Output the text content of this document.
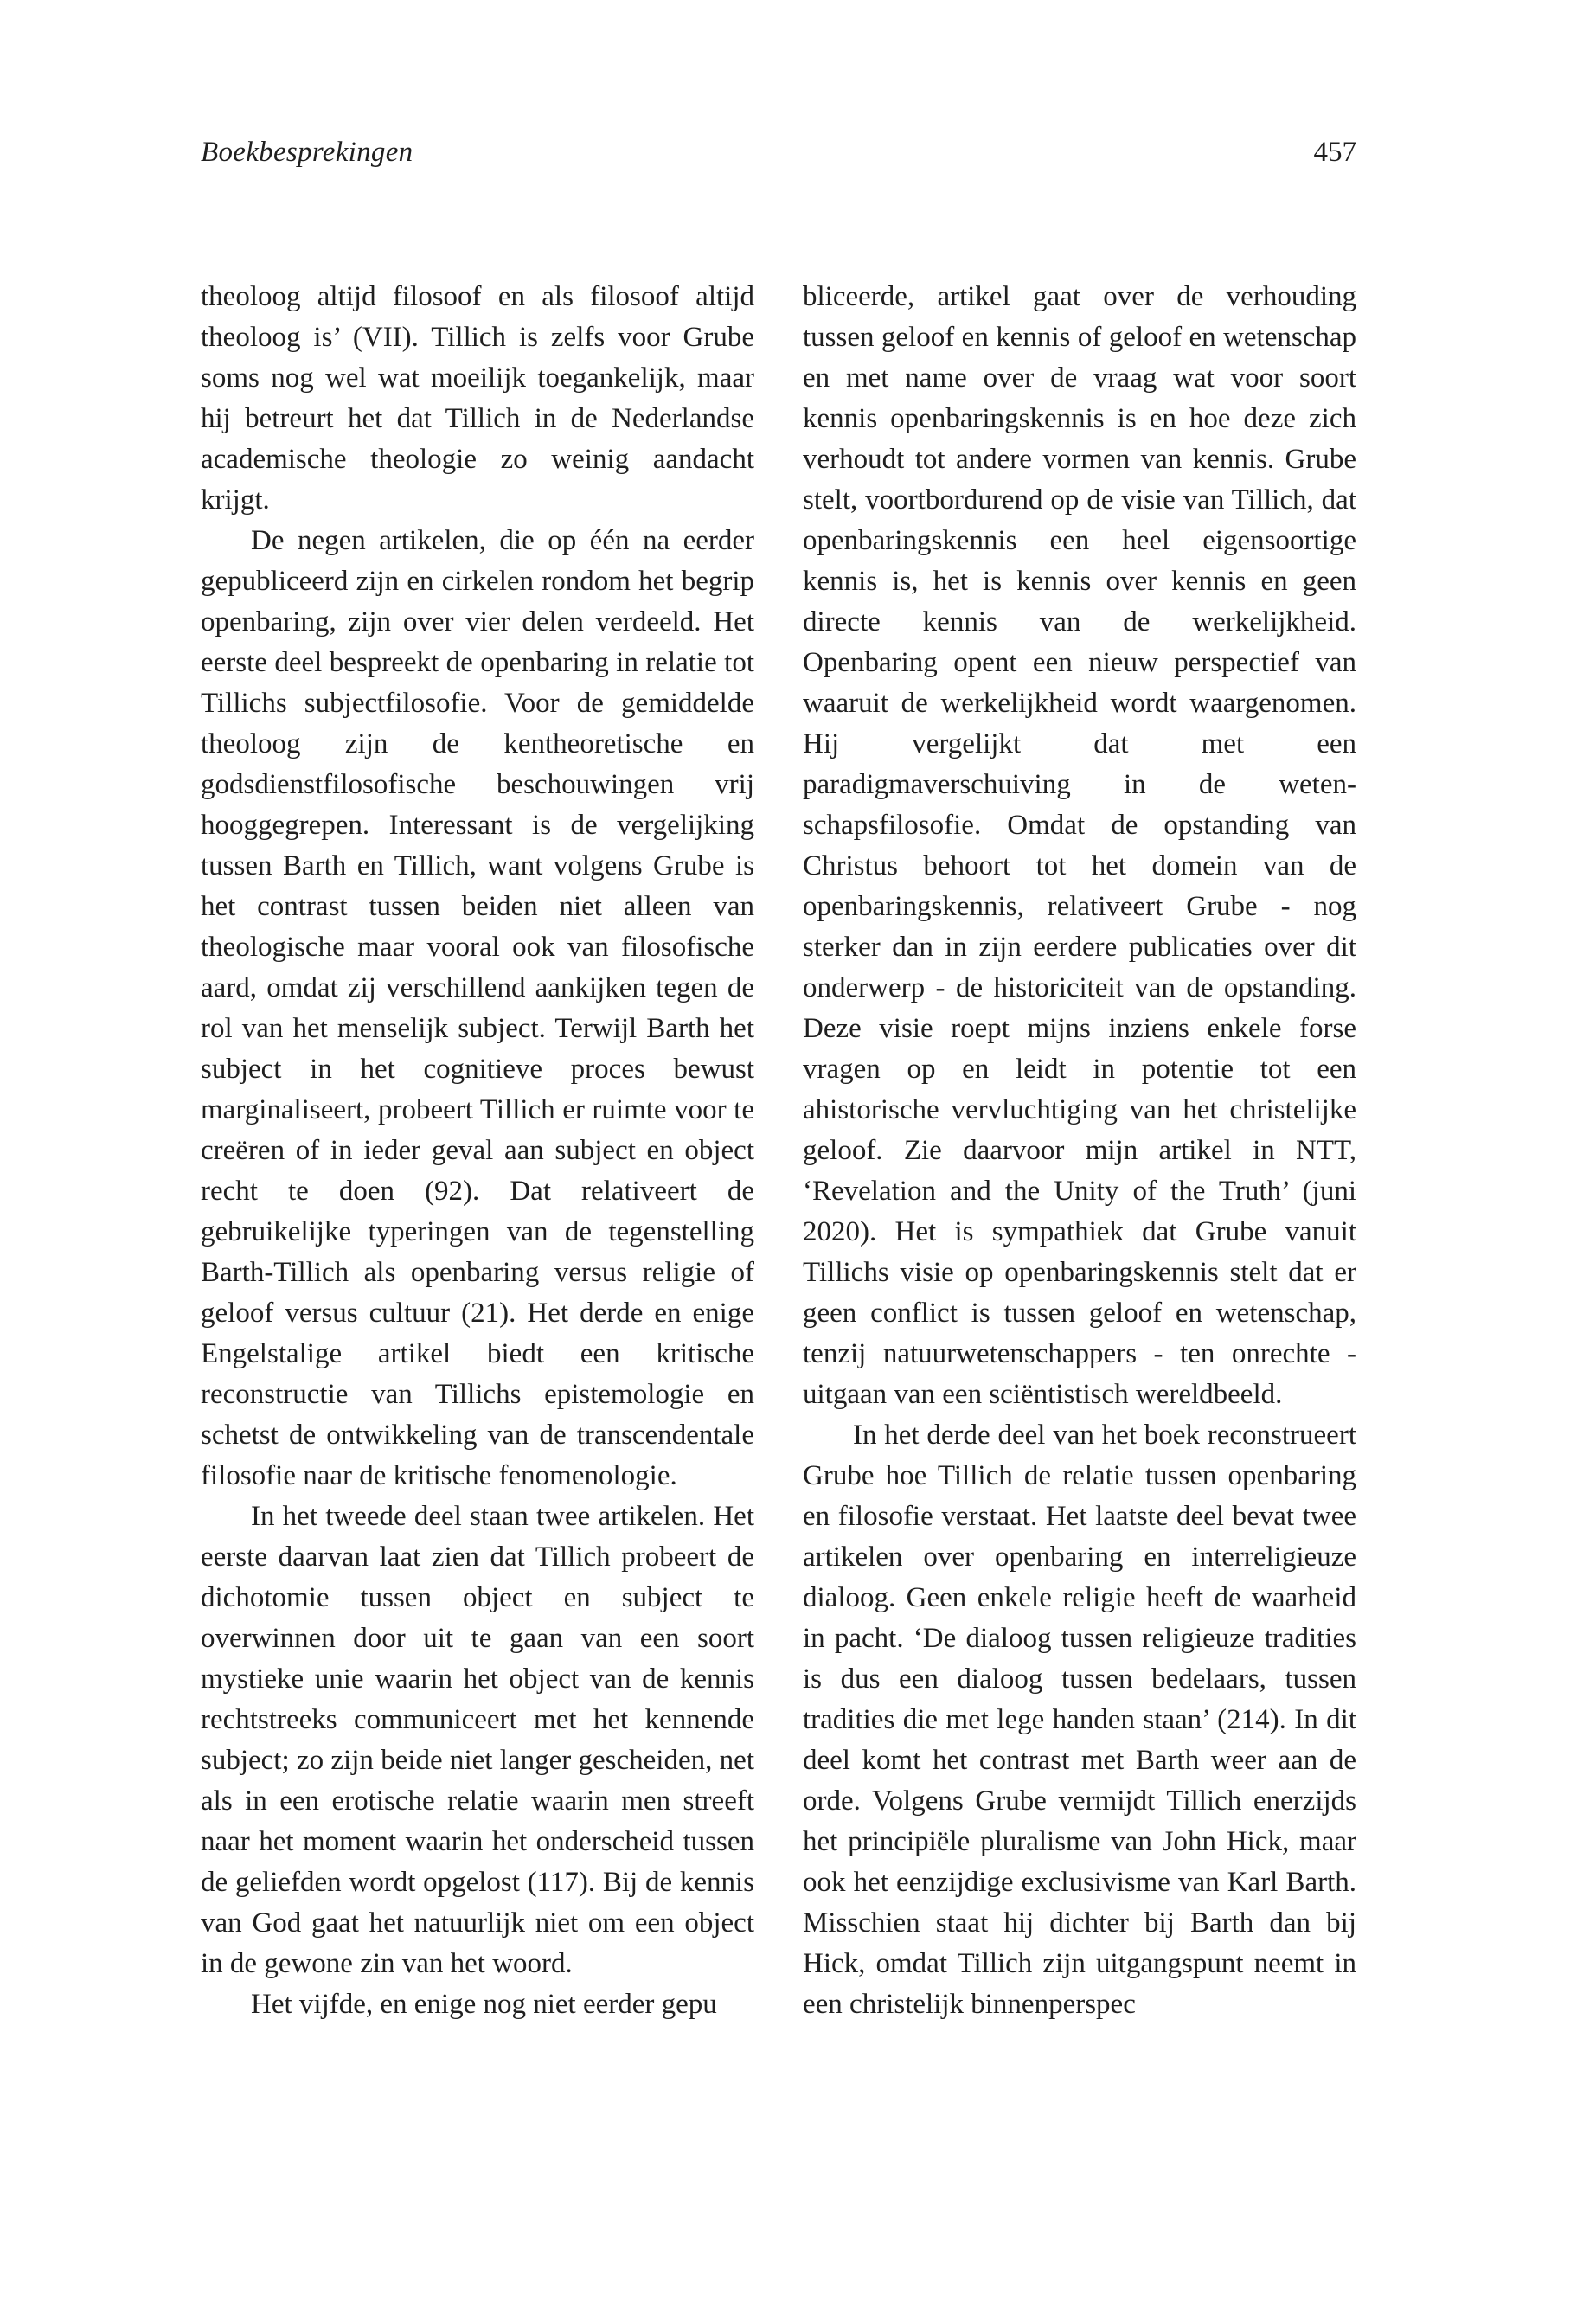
Boekbesprekingen	457

theoloog altijd filosoof en als filosoof altijd theoloog is’ (VII). Tillich is zelfs voor Grube soms nog wel wat moeilijk toegankelijk, maar hij betreurt het dat Tillich in de Nederlandse academische theologie zo weinig aandacht krijgt.

De negen artikelen, die op één na eerder gepubliceerd zijn en cirkelen rondom het begrip openbaring, zijn over vier delen verdeeld. Het eerste deel bespreekt de openbaring in relatie tot Tillichs subjectfilosofie. Voor de gemiddelde theoloog zijn de kentheoretische en godsdienstfilosofische beschouwingen vrij hooggegrepen. Interessant is de vergelijking tussen Barth en Tillich, want volgens Grube is het contrast tussen beiden niet alleen van theologische maar vooral ook van filosofische aard, omdat zij verschillend aankijken tegen de rol van het menselijk subject. Terwijl Barth het subject in het cognitieve proces bewust marginaliseert, probeert Tillich er ruimte voor te creëren of in ieder geval aan subject en object recht te doen (92). Dat relativeert de gebruikelijke typeringen van de tegenstelling Barth-Tillich als openbaring versus religie of geloof versus cultuur (21). Het derde en enige Engelstalige artikel biedt een kritische reconstructie van Tillichs epistemologie en schetst de ontwikkeling van de transcendentale filosofie naar de kritische fenomenologie.

In het tweede deel staan twee artikelen. Het eerste daarvan laat zien dat Tillich probeert de dichotomie tussen object en subject te overwinnen door uit te gaan van een soort mystieke unie waarin het object van de kennis rechtstreeks communiceert met het kennende subject; zo zijn beide niet langer gescheiden, net als in een erotische relatie waarin men streeft naar het moment waarin het onderscheid tussen de geliefden wordt opgelost (117). Bij de kennis van God gaat het natuurlijk niet om een object in de gewone zin van het woord.

Het vijfde, en enige nog niet eerder gepu

bliceerde, artikel gaat over de verhouding tussen geloof en kennis of geloof en wetenschap en met name over de vraag wat voor soort kennis openbaringskennis is en hoe deze zich verhoudt tot andere vormen van kennis. Grube stelt, voortbordurend op de visie van Tillich, dat openbaringskennis een heel eigensoortige kennis is, het is kennis over kennis en geen directe kennis van de werkelijkheid. Openbaring opent een nieuw perspectief van waaruit de werkelijkheid wordt waargenomen. Hij vergelijkt dat met een paradigmaverschuiving in de wetenschapsfilosofie. Omdat de opstanding van Christus behoort tot het domein van de openbaringskennis, relativeert Grube - nog sterker dan in zijn eerdere publicaties over dit onderwerp - de historiciteit van de opstanding. Deze visie roept mijns inziens enkele forse vragen op en leidt in potentie tot een ahistorische vervluchtiging van het christelijke geloof. Zie daarvoor mijn artikel in NTT, ‘Revelation and the Unity of the Truth’ (juni 2020). Het is sympathiek dat Grube vanuit Tillichs visie op openbaringskennis stelt dat er geen conflict is tussen geloof en wetenschap, tenzij natuurwetenschappers - ten onrechte - uitgaan van een sciëntistisch wereldbeeld.

In het derde deel van het boek reconstrueert Grube hoe Tillich de relatie tussen openbaring en filosofie verstaat. Het laatste deel bevat twee artikelen over openbaring en interreligieuze dialoog. Geen enkele religie heeft de waarheid in pacht. ‘De dialoog tussen religieuze tradities is dus een dialoog tussen bedelaars, tussen tradities die met lege handen staan’ (214). In dit deel komt het contrast met Barth weer aan de orde. Volgens Grube vermijdt Tillich enerzijds het principiële pluralisme van John Hick, maar ook het eenzijdige exclusivisme van Karl Barth. Misschien staat hij dichter bij Barth dan bij Hick, omdat Tillich zijn uitgangspunt neemt in een christelijk binnenperspec
